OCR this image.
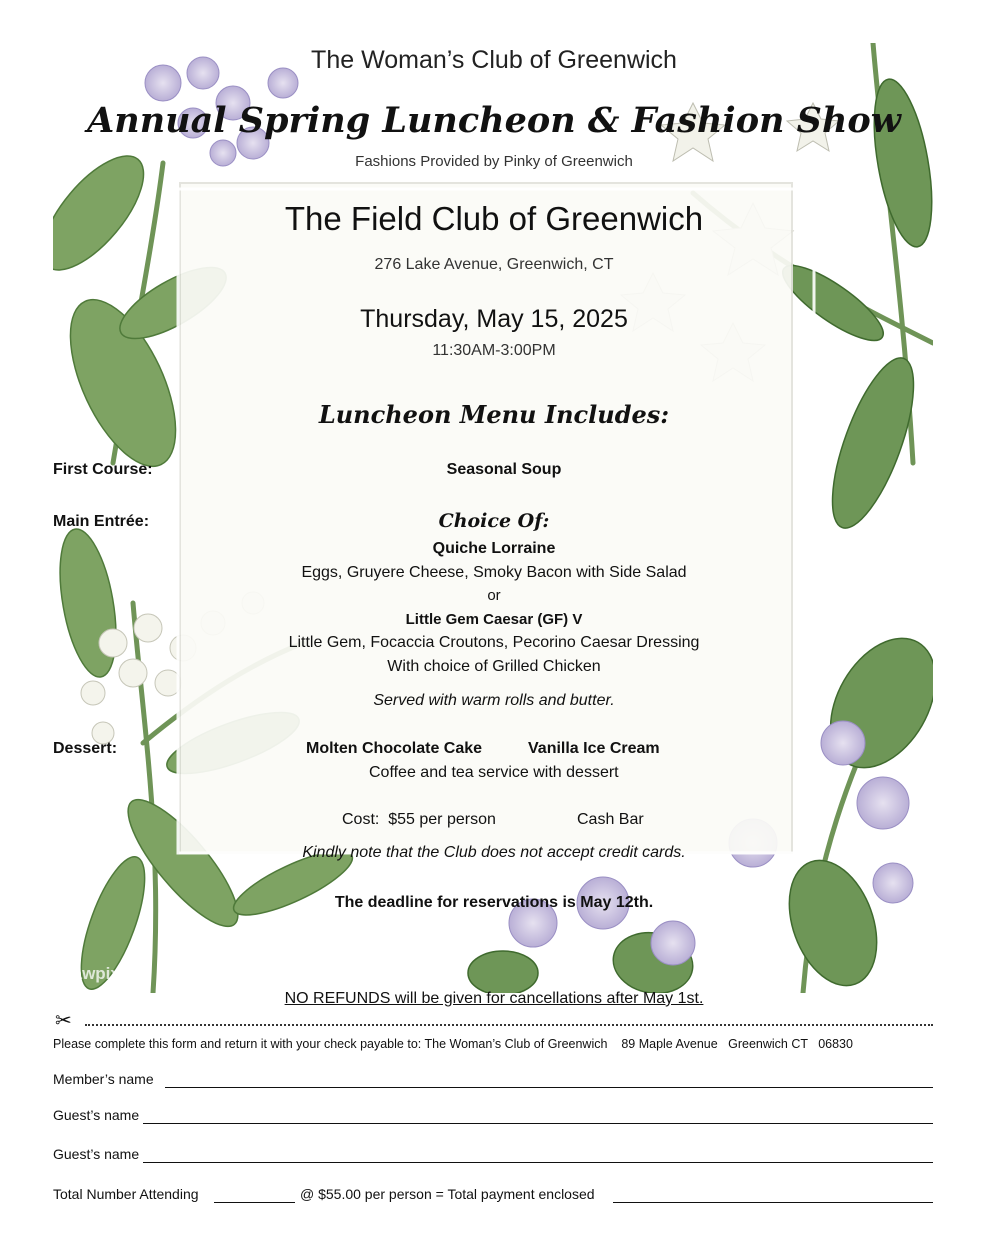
rawpixel
The Woman’s Club of Greenwich
Annual Spring Luncheon & Fashion Show
Fashions Provided by Pinky of Greenwich
The Field Club of Greenwich
276 Lake Avenue, Greenwich, CT
Thursday, May 15, 2025
11:30AM-3:00PM
Luncheon Menu Includes:
First Course:	Seasonal Soup
Main Entrée:	Choice Of:
Quiche Lorraine
Eggs, Gruyere Cheese, Smoky Bacon with Side Salad
or
Little Gem Caesar (GF) V
Little Gem, Focaccia Croutons, Pecorino Caesar Dressing
With choice of Grilled Chicken
Served with warm rolls and butter.
Dessert:	Molten Chocolate Cake	Vanilla Ice Cream
Coffee and tea service with dessert
Cost:  $55 per person	Cash Bar
Kindly note that the Club does not accept credit cards.
The deadline for reservations is May 12th.
NO REFUNDS will be given for cancellations after May 1st.
✂
Please complete this form and return it with your check payable to: The Woman’s Club of Greenwich    89 Maple Avenue   Greenwich CT   06830
Member’s name
Guest’s name
Guest’s name
Total Number Attending	@ $55.00 per person = Total payment enclosed
